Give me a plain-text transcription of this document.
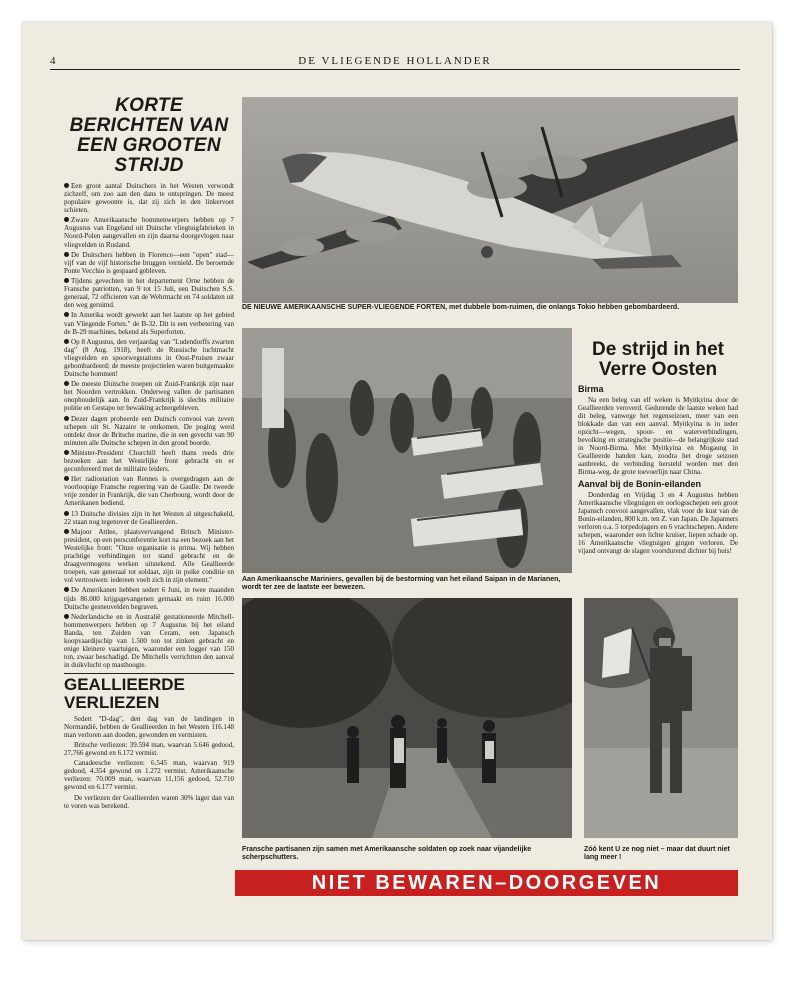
4	DE VLIEGENDE HOLLANDER
KORTE BERICHTEN VAN EEN GROOTEN STRIJD
Een groot aantal Duitschers in het Westen verwondt zichzelf, om zoo aan den dans te ontspringen. De meest populaire gewoonte is, dat zij zich in den linkervoet schieten.
Zware Amerikaansche bommenwerpers hebben op 7 Augustus van Engeland uit Duitsche vliegtuigfabrieken in Noord-Polen aangevallen en zijn daarna doorgevlogen naar vliegvelden in Rusland.
De Duitschers hebben in Florence—een "open" stad—vijf van de vijf historische bruggen vernield. De beroemde Ponte Vecchio is gespaard gebleven.
Tijdens gevechten in het departement Orne hebben de Fransche patriotten, van 9 tot 15 Juli, een Duitschen S.S. generaal, 72 officieren van de Wehrmacht en 74 soldaten uit den weg geruimd.
In Amerika wordt gewerkt aan het laatste op het gebied van Vliegende Forten." de B-32. Dit is een verbetering van de B-29 machines, bekend als Superforten.
Op 8 Augustus, den verjaardag van "Ludendorffs zwarten dag" (8 Aug. 1918), heeft de Russische luchtmacht vliegvelden en spoorwegstations in Oost-Pruisen zwaar gebombardeerd; de meeste projectielen waren buitgemaakte Duitsche bommen!
De meeste Duitsche troepen uit Zuid-Frankrijk zijn naar het Noorden vertrokken. Onderweg vallen de partisanen onophoudelijk aan. In Zuid-Frankrijk is slechts militaire politie en Gestapo ter bewaking achtergebleven.
Dezer dagen probeerde een Duitsch convooi van zeven schepen uit St. Nazaire te ontkomen. De poging werd ontdekt door de Britsche marine, die in een gevecht van 90 minuten alle Duitsche schepen in den grond boorde.
Minister-President Churchill heeft thans reeds drie bezoeken aan het Westelijke front gebracht en er geconfereerd met de militaire leiders.
Het radiostation van Rennes is overgedragen aan de voorloopige Fransche regeering van de Gaulle. De tweede vrije zender in Frankrijk, die van Cherbourg, wordt door de Amerikanen bediend.
13 Duitsche divisies zijn in het Westen al uitgeschakeld, 22 staan nog tegenover de Geallieerden.
Majoor Attlee, plaatsvervangend Britsch Minister-president, op een persconferentie kort na een bezoek aan het Westelijke front: "Onze organisatie is prima. Wij hebben prachtige verbindingen tot stand gebracht en de draagvermogens werken uitstekend. Alle Geallieerde troepen, van generaal tot soldaat, zijn in puike conditie en vol vertrouwen: iedereen voelt zich in zijn element."
De Amerikanen hebben sedert 6 Juni, in twee maanden tijds 86.000 krijgsgevangenen gemaakt en ruim 16.000 Duitsche gesneuvelden begraven.
Nederlandsche en in Australië gestationeerde Mitchell-bommenwerpers hebben op 7 Augustus bij het eiland Banda, ten Zuiden van Ceram, een Japansch koopvaardijschip van 1.500 ton tot zinken gebracht en enige kleinere vaartuigen, waaronder een logger van 150 ton, zwaar beschadigd. De Mitchells verrichtten den aanval in duikvlucht op masthoogte.
GEALLIEERDE VERLIEZEN

Sedert "D-dag", den dag van de landingen in Normandië, hebben de Geallieerden in het Westen 116.148 man verloren aan dooden, gewonden en vermisten.

Britsche verliezen: 39.594 man, waarvan 5.646 gedood, 27,766 gewond en 6.172 vermist.

Canadeesche verliezen: 6.545 man, waarvan 919 gedood, 4.354 gewond en 1.272 vermist. Amerikaansche verliezen: 70.009 man, waarvan 11,156 gedood, 52.710 gewond en 6.177 vermist.

De verliezen der Geallieerden waren 30% lager dan van te voren was berekend.

DE NIEUWE AMERIKAANSCHE SUPER-VLIEGENDE FORTEN, met dubbele bom-ruimen, die onlangs Tokio hebben gebombardeerd.
Aan Amerikaansche Mariniers, gevallen bij de bestorming van het eiland Saipan in de Marianen, wordt ter zee de laatste eer bewezen.
De strijd in het Verre Oosten
Birma
Na een beleg van elf weken is Myitkyina door de Geallieerden veroverd. Gedurende de laatste weken had dit beleg, vanwege het regenseizoen, meer van een blokkade dan van een aanval. Myitkyina is in ieder opzicht—wegen, spoor- en waterverbindingen, bevolking en strategische positie—de belangrijkste stad in Noord-Birma. Met Myitkyina en Mogaung in Geallieerde handen kan, zoodra het droge seizoen aanbreekt, de verbinding hersteld worden met den Birma-weg, de grote toevoerlijn naar China.
Aanval bij de Bonin-eilanden
Donderdag en Vrijdag 3 en 4 Augustus hebben Amerikaansche vliegtuigen en oorlogsschepen een groot Japansch convooi aangevallen, vlak voor de kust van de Bonin-eilanden, 800 k.m. ten Z. van Japan. De Japanners verloren o.a. 5 torpedojagers en 6 vrachtschepen. Andere schepen, waaronder een lichte kruiser, liepen schade op. 16 Amerikaansche vliegtuigen gingen verloren. De vijand ontvangt de slagen voortdurend dichter bij huis!
Fransche partisanen zijn samen met Amerikaansche soldaten op zoek naar vijandelijke scherpschutters.
Zóó kent U ze nog niet – maar dat duurt niet lang meer !
NIET BEWAREN–DOORGEVEN
